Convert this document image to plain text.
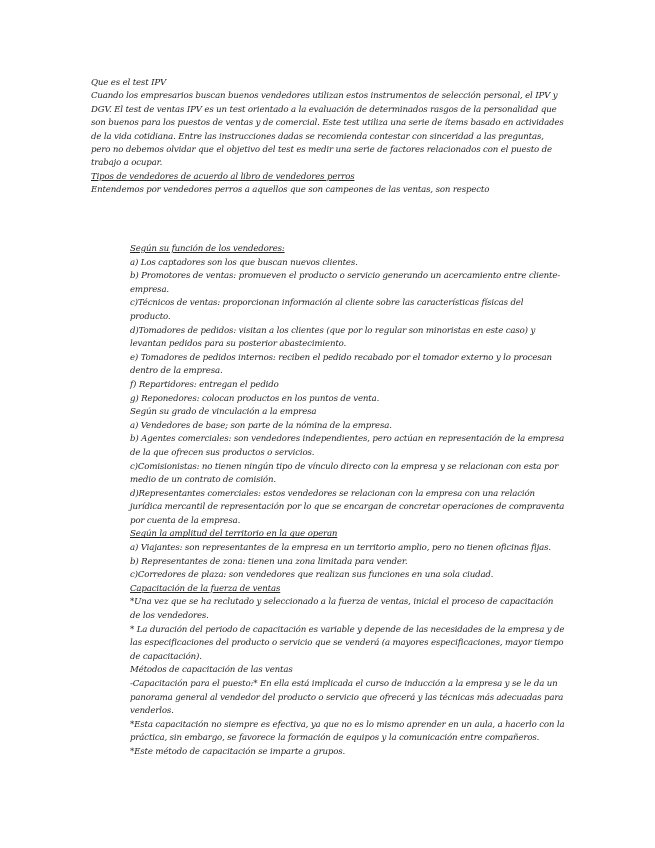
Que es el test IPV

Cuando los empresarios buscan buenos vendedores utilizan estos instrumentos de selección personal, el IPV y DGV. El test de ventas IPV es un test orientado a la evaluación de determinados rasgos de la personalidad que son buenos para los puestos de ventas y de comercial. Este test utiliza una serie de ítems basado en actividades de la vida cotidiana. Entre las instrucciones dadas se recomienda contestar con sinceridad a las preguntas, pero no debemos olvidar que el objetivo del test es medir una serie de factores relacionados con el puesto de trabajo a ocupar.

Tipos de vendedores de acuerdo al libro de vendedores perros

Entendemos por vendedores perros a aquellos que son campeones de las ventas, son respecto

Según su función de los vendedores:

a) Los captadores son los que buscan nuevos clientes.

b) Promotores de ventas: promueven el producto o servicio generando un acercamiento entre cliente-empresa.

c)Técnicos de ventas: proporcionan información al cliente sobre las características físicas del producto.

d)Tomadores de pedidos: visitan a los clientes (que por lo regular son minoristas en este caso) y levantan pedidos para su posterior abastecimiento.

e) Tomadores de pedidos internos: reciben el pedido recabado por el tomador externo y lo procesan dentro de la empresa.

f) Repartidores: entregan el pedido

g) Reponedores: colocan productos en los puntos de venta.

Según su grado de vinculación a la empresa

a) Vendedores de base; son parte de la nómina de la empresa.

b) Agentes comerciales: son vendedores independientes, pero actúan en representación de la empresa de la que ofrecen sus productos o servicios.

c)Comisionistas: no tienen ningún tipo de vínculo directo con la empresa y se relacionan con esta por medio de un contrato de comisión.

d)Representantes comerciales: estos vendedores se relacionan con la empresa con una relación jurídica mercantil de representación por lo que se encargan de concretar operaciones de compraventa por cuenta de la empresa.

Según la amplitud del territorio en la que operan

a) Viajantes: son representantes de la empresa en un territorio amplio, pero no tienen oficinas fijas.

b) Representantes de zona: tienen una zona limitada para vender.

c)Corredores de plaza: son vendedores que realizan sus funciones en una sola ciudad.

Capacitación de la fuerza de ventas

*Una vez que se ha reclutado y seleccionado a la fuerza de ventas, inicial el proceso de capacitación de los vendedores.

* La duración del periodo de capacitación es variable y depende de las necesidades de la empresa y de las especificaciones del producto o servicio que se venderá (a mayores especificaciones, mayor tiempo de capacitación).

Métodos de capacitación de las ventas

-Capacitación para el puesto:* En ella está implicada el curso de inducción a la empresa y se le da un panorama general al vendedor del producto o servicio que ofrecerá y las técnicas más adecuadas para venderlos.

*Esta capacitación no siempre es efectiva, ya que no es lo mismo aprender en un aula, a hacerlo con la práctica, sin embargo, se favorece la formación de equipos y la comunicación entre compañeros.

*Este método de capacitación se imparte a grupos.
